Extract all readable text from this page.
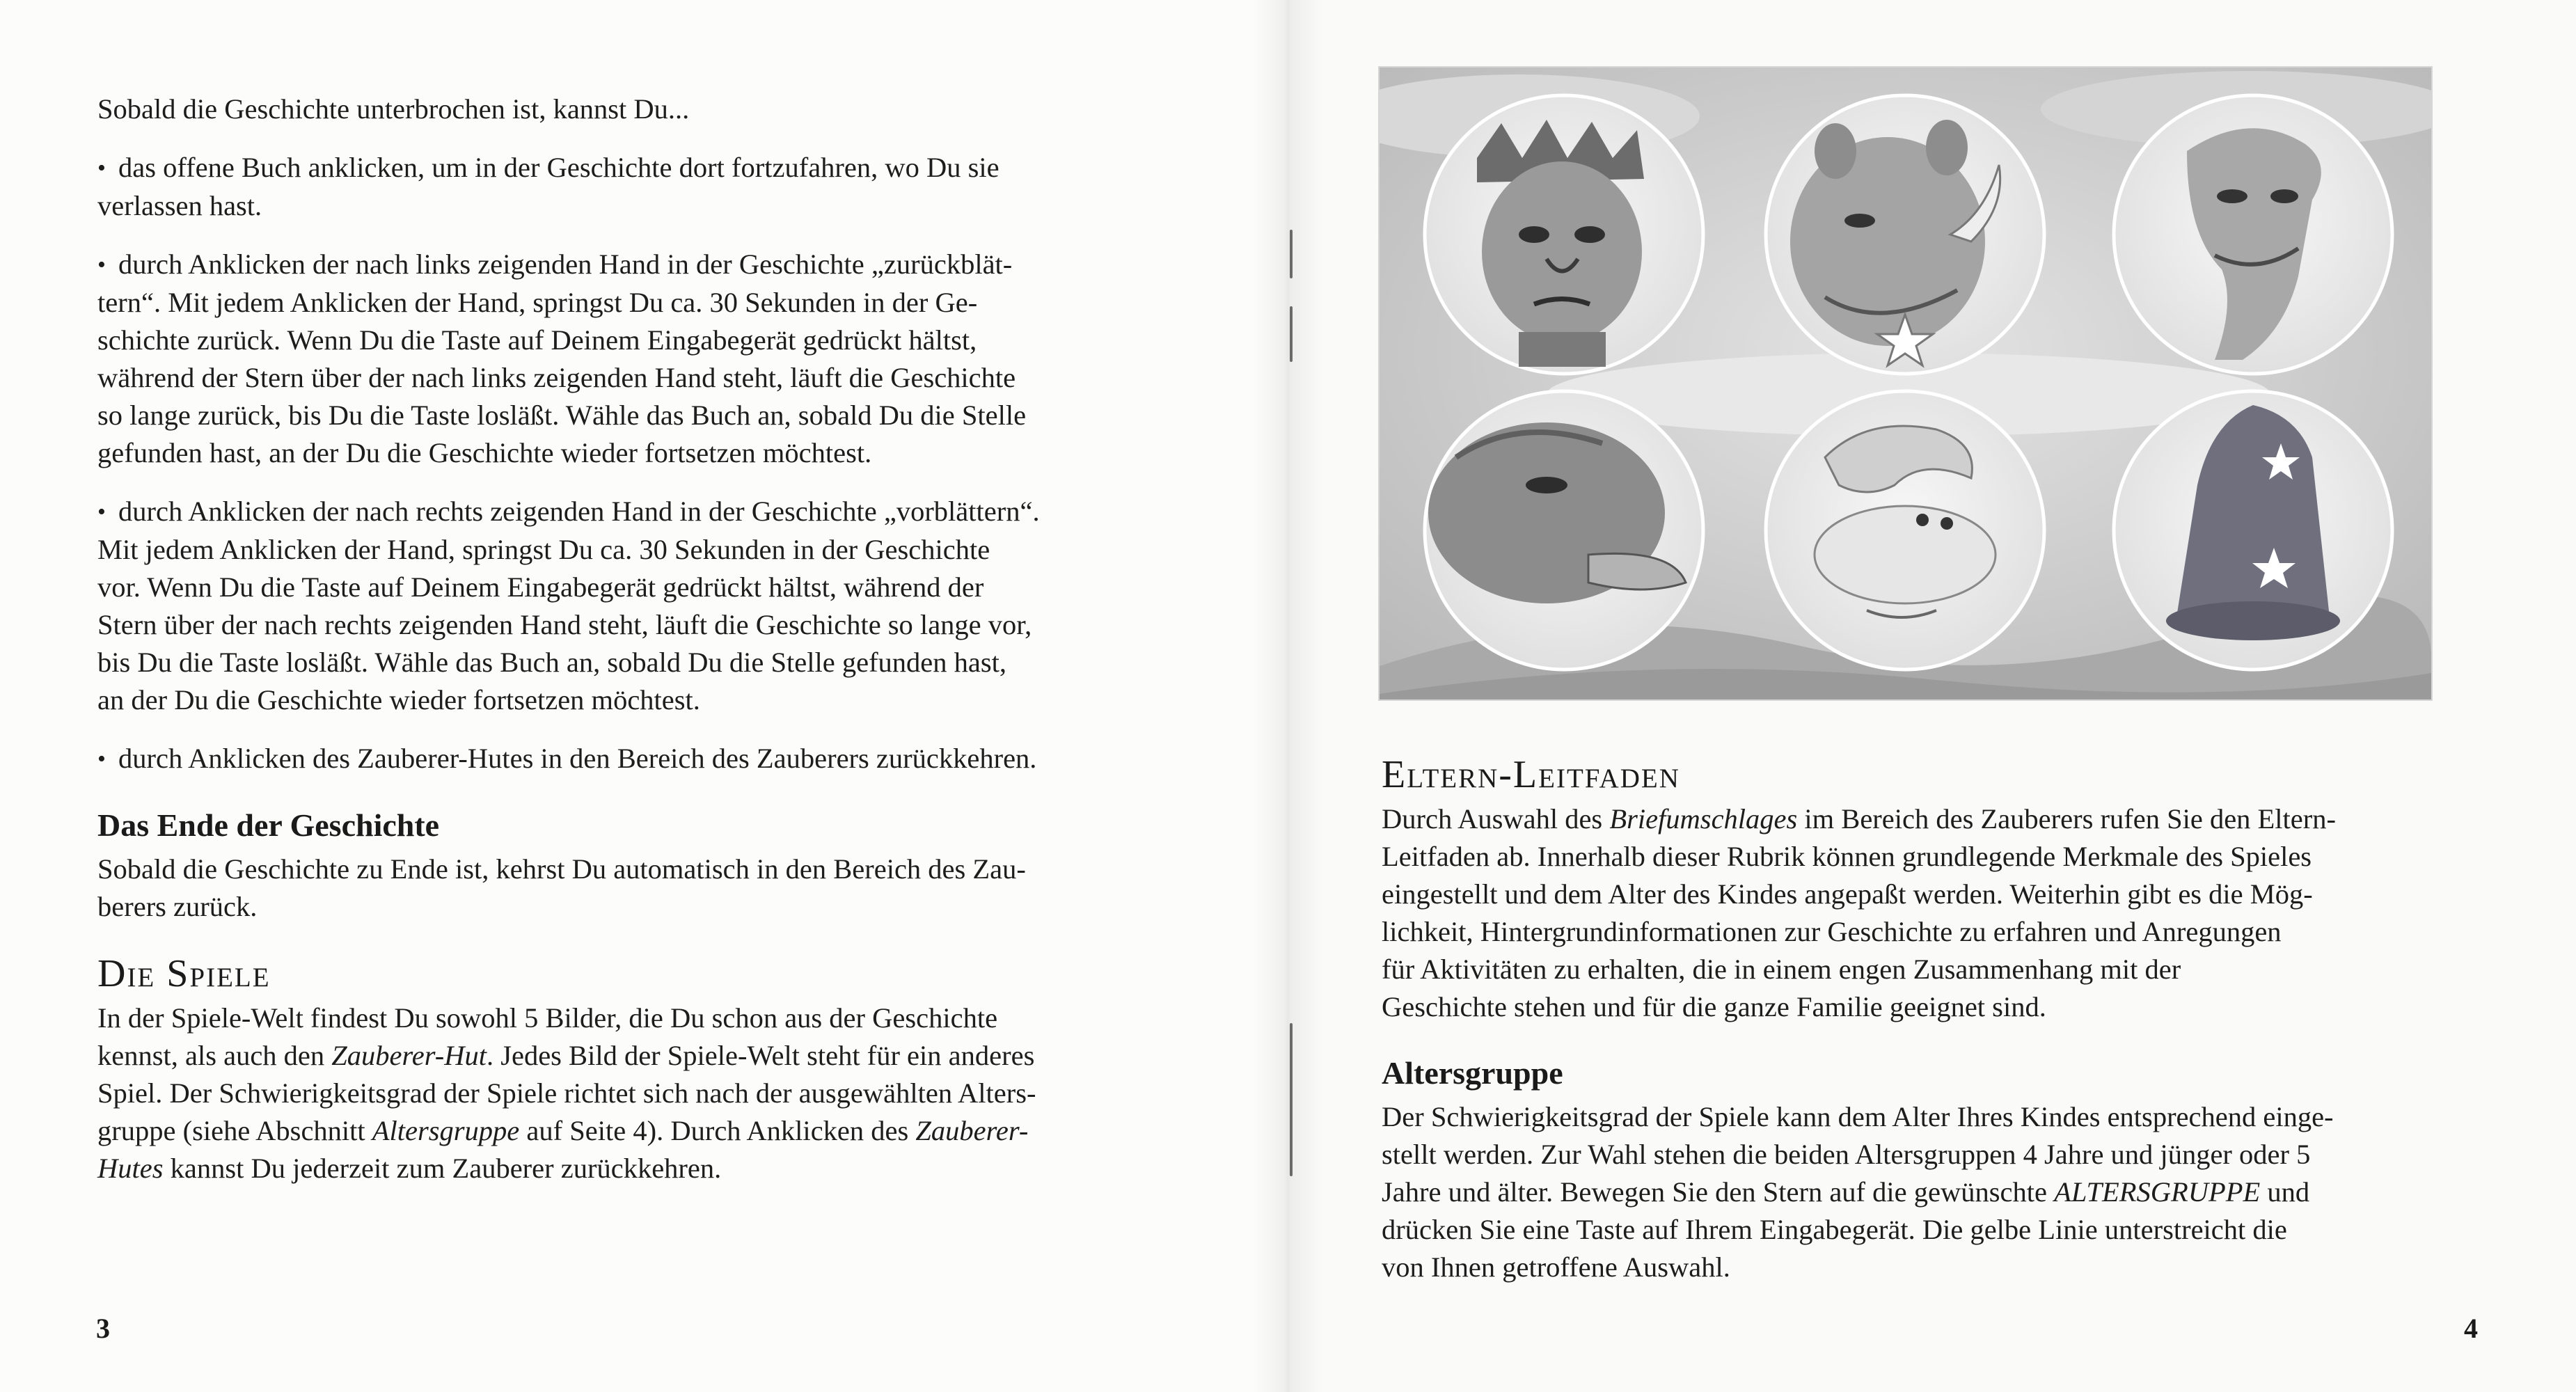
Sobald die Geschichte unterbrochen ist, kannst Du...

• das offene Buch anklicken, um in der Geschichte dort fortzufahren, wo Du sie
verlassen hast.

• durch Anklicken der nach links zeigenden Hand in der Geschichte „zurückblät-
tern“. Mit jedem Anklicken der Hand, springst Du ca. 30 Sekunden in der Ge-
schichte zurück. Wenn Du die Taste auf Deinem Eingabegerät gedrückt hältst,
während der Stern über der nach links zeigenden Hand steht, läuft die Geschichte
so lange zurück, bis Du die Taste losläßt. Wähle das Buch an, sobald Du die Stelle
gefunden hast, an der Du die Geschichte wieder fortsetzen möchtest.

• durch Anklicken der nach rechts zeigenden Hand in der Geschichte „vorblättern“.
Mit jedem Anklicken der Hand, springst Du ca. 30 Sekunden in der Geschichte
vor. Wenn Du die Taste auf Deinem Eingabegerät gedrückt hältst, während der
Stern über der nach rechts zeigenden Hand steht, läuft die Geschichte so lange vor,
bis Du die Taste losläßt. Wähle das Buch an, sobald Du die Stelle gefunden hast,
an der Du die Geschichte wieder fortsetzen möchtest.

• durch Anklicken des Zauberer-Hutes in den Bereich des Zauberers zurückkehren.

Das Ende der Geschichte

Sobald die Geschichte zu Ende ist, kehrst Du automatisch in den Bereich des Zau-
berers zurück.

Die Spiele

In der Spiele-Welt findest Du sowohl 5 Bilder, die Du schon aus der Geschichte
kennst, als auch den Zauberer-Hut. Jedes Bild der Spiele-Welt steht für ein anderes
Spiel. Der Schwierigkeitsgrad der Spiele richtet sich nach der ausgewählten Alters-
gruppe (siehe Abschnitt Altersgruppe auf Seite 4). Durch Anklicken des Zauberer-
Hutes kannst Du jederzeit zum Zauberer zurückkehren.

3
Eltern-Leitfaden

Durch Auswahl des Briefumschlages im Bereich des Zauberers rufen Sie den Eltern-
Leitfaden ab. Innerhalb dieser Rubrik können grundlegende Merkmale des Spieles
eingestellt und dem Alter des Kindes angepaßt werden. Weiterhin gibt es die Mög-
lichkeit, Hintergrundinformationen zur Geschichte zu erfahren und Anregungen
für Aktivitäten zu erhalten, die in einem engen Zusammenhang mit der
Geschichte stehen und für die ganze Familie geeignet sind.

Altersgruppe

Der Schwierigkeitsgrad der Spiele kann dem Alter Ihres Kindes entsprechend einge-
stellt werden. Zur Wahl stehen die beiden Altersgruppen 4 Jahre und jünger oder 5
Jahre und älter. Bewegen Sie den Stern auf die gewünschte ALTERSGRUPPE und
drücken Sie eine Taste auf Ihrem Eingabegerät. Die gelbe Linie unterstreicht die
von Ihnen getroffene Auswahl.

4
